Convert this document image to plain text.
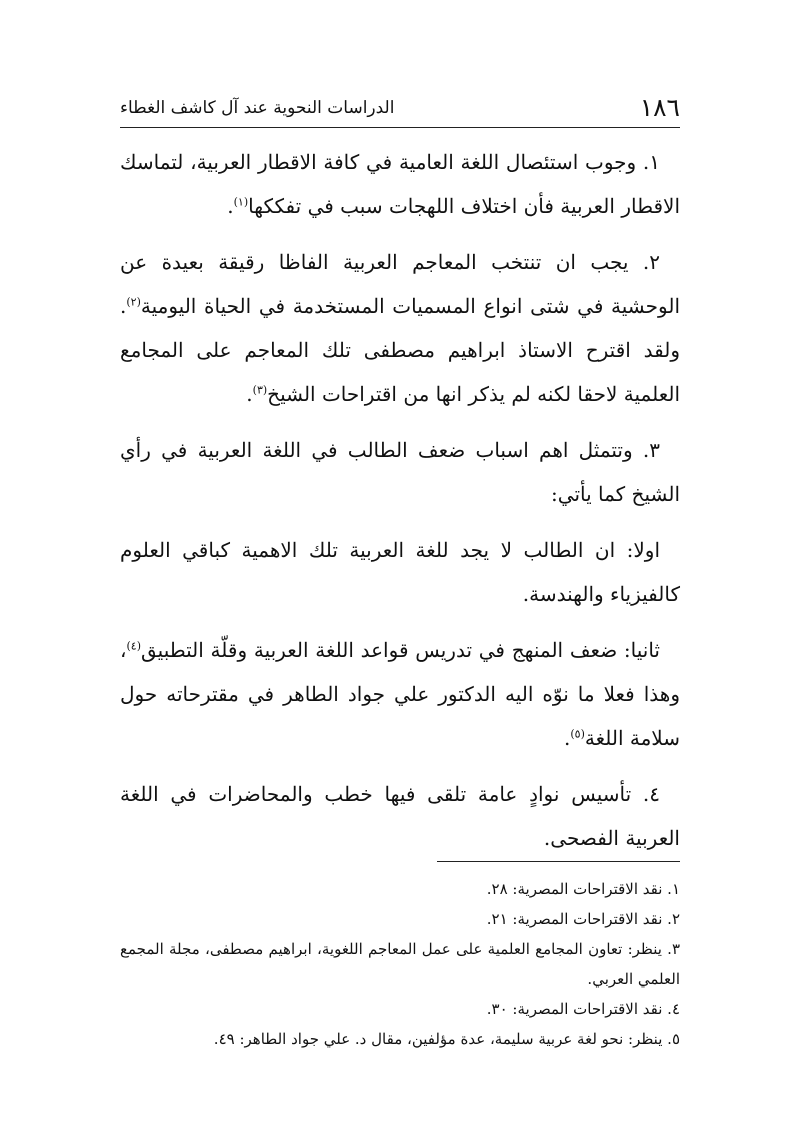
١٨٦
الدراسات النحوية عند آل كاشف الغطاء

١. وجوب استئصال اللغة العامية في كافة الاقطار العربية، لتماسك الاقطار العربية فأن اختلاف اللهجات سبب في تفككها$^{(١)}$.

٢. يجب ان تنتخب المعاجم العربية الفاظا رقيقة بعيدة عن الوحشية في شتى انواع المسميات المستخدمة في الحياة اليومية$^{(٢)}$. ولقد اقترح الاستاذ ابراهيم مصطفى تلك المعاجم على المجامع العلمية لاحقا لكنه لم يذكر انها من اقتراحات الشيخ$^{(٣)}$.

٣. وتتمثل اهم اسباب ضعف الطالب في اللغة العربية في رأي الشيخ كما يأتي:

اولا: ان الطالب لا يجد للغة العربية تلك الاهمية كباقي العلوم كالفيزياء والهندسة.

ثانيا: ضعف المنهج في تدريس قواعد اللغة العربية وقلّة التطبيق$^{(٤)}$، وهذا فعلا ما نوّه اليه الدكتور علي جواد الطاهر في مقترحاته حول سلامة اللغة$^{(٥)}$.

٤. تأسيس نوادٍ عامة تلقى فيها خطب والمحاضرات في اللغة العربية الفصحى.

١. نقد الاقتراحات المصرية: ٢٨.

٢. نقد الاقتراحات المصرية: ٢١.

٣. ينظر: تعاون المجامع العلمية على عمل المعاجم اللغوية، ابراهيم مصطفى، مجلة المجمع العلمي العربي.

٤. نقد الاقتراحات المصرية: ٣٠.

٥. ينظر: نحو لغة عربية سليمة، عدة مؤلفين، مقال د. علي جواد الطاهر: ٤٩.
